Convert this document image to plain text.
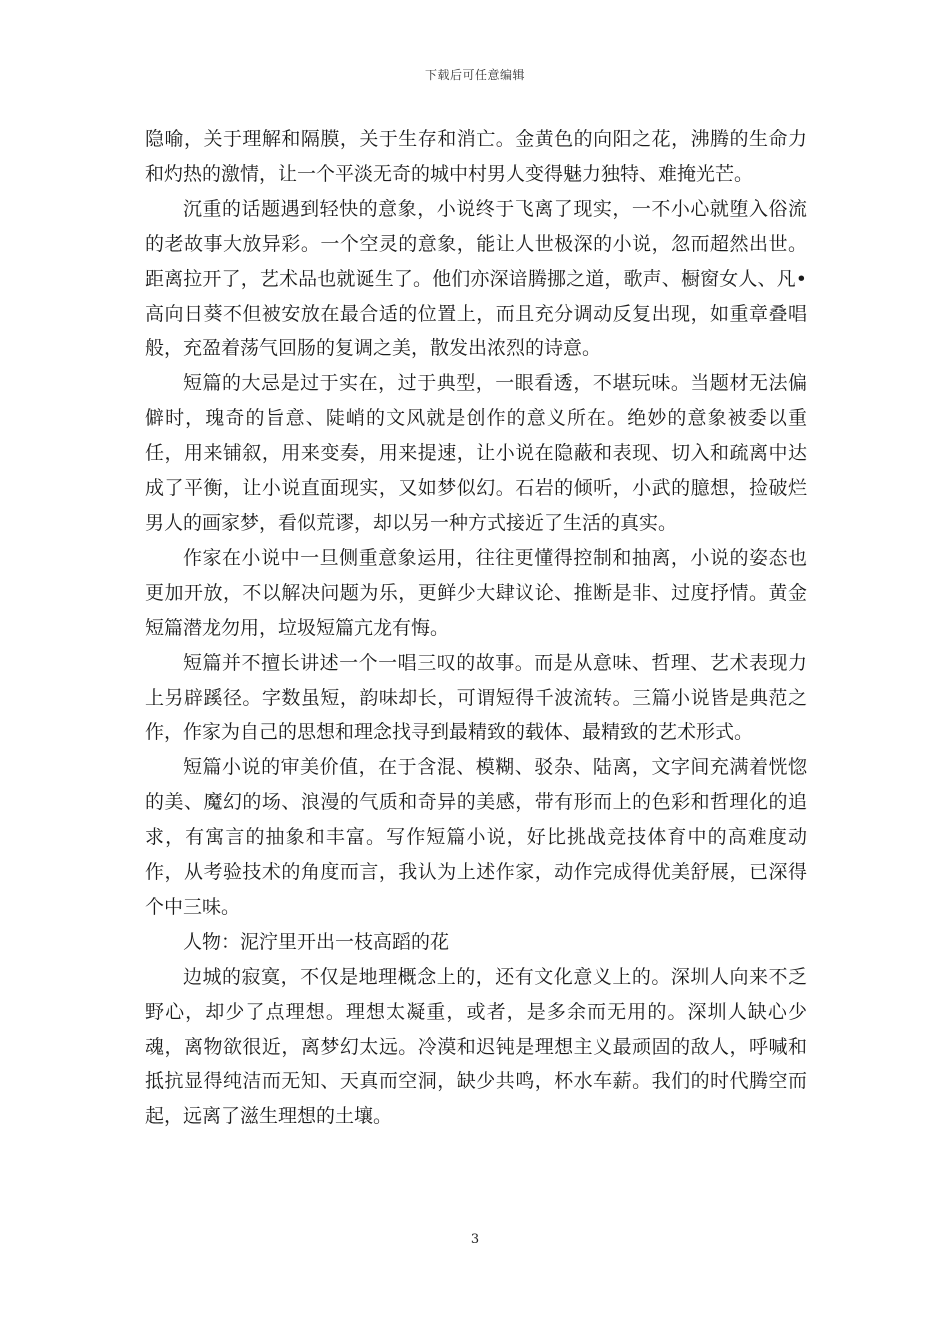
下载后可任意编辑

隐喻，关于理解和隔膜，关于生存和消亡。金黄色的向阳之花，沸腾的生命力和灼热的激情，让一个平淡无奇的城中村男人变得魅力独特、难掩光芒。

沉重的话题遇到轻快的意象，小说终于飞离了现实，一不小心就堕入俗流的老故事大放异彩。一个空灵的意象，能让人世极深的小说，忽而超然出世。距离拉开了，艺术品也就诞生了。他们亦深谙腾挪之道，歌声、橱窗女人、凡•高向日葵不但被安放在最合适的位置上，而且充分调动反复出现，如重章叠唱般，充盈着荡气回肠的复调之美，散发出浓烈的诗意。

短篇的大忌是过于实在，过于典型，一眼看透，不堪玩味。当题材无法偏僻时，瑰奇的旨意、陡峭的文风就是创作的意义所在。绝妙的意象被委以重任，用来铺叙，用来变奏，用来提速，让小说在隐蔽和表现、切入和疏离中达成了平衡，让小说直面现实，又如梦似幻。石岩的倾听，小武的臆想，捡破烂男人的画家梦，看似荒谬，却以另一种方式接近了生活的真实。

作家在小说中一旦侧重意象运用，往往更懂得控制和抽离，小说的姿态也更加开放，不以解决问题为乐，更鲜少大肆议论、推断是非、过度抒情。黄金短篇潜龙勿用，垃圾短篇亢龙有悔。

短篇并不擅长讲述一个一唱三叹的故事。而是从意味、哲理、艺术表现力上另辟蹊径。字数虽短，韵味却长，可谓短得千波流转。三篇小说皆是典范之作，作家为自己的思想和理念找寻到最精致的载体、最精致的艺术形式。

短篇小说的审美价值，在于含混、模糊、驳杂、陆离，文字间充满着恍惚的美、魔幻的场、浪漫的气质和奇异的美感，带有形而上的色彩和哲理化的追求，有寓言的抽象和丰富。写作短篇小说，好比挑战竞技体育中的高难度动作，从考验技术的角度而言，我认为上述作家，动作完成得优美舒展，已深得个中三味。

人物：泥泞里开出一枝高蹈的花

边城的寂寞，不仅是地理概念上的，还有文化意义上的。深圳人向来不乏野心，却少了点理想。理想太凝重，或者，是多余而无用的。深圳人缺心少魂，离物欲很近，离梦幻太远。冷漠和迟钝是理想主义最顽固的敌人，呼喊和抵抗显得纯洁而无知、天真而空洞，缺少共鸣，杯水车薪。我们的时代腾空而起，远离了滋生理想的土壤。

3
